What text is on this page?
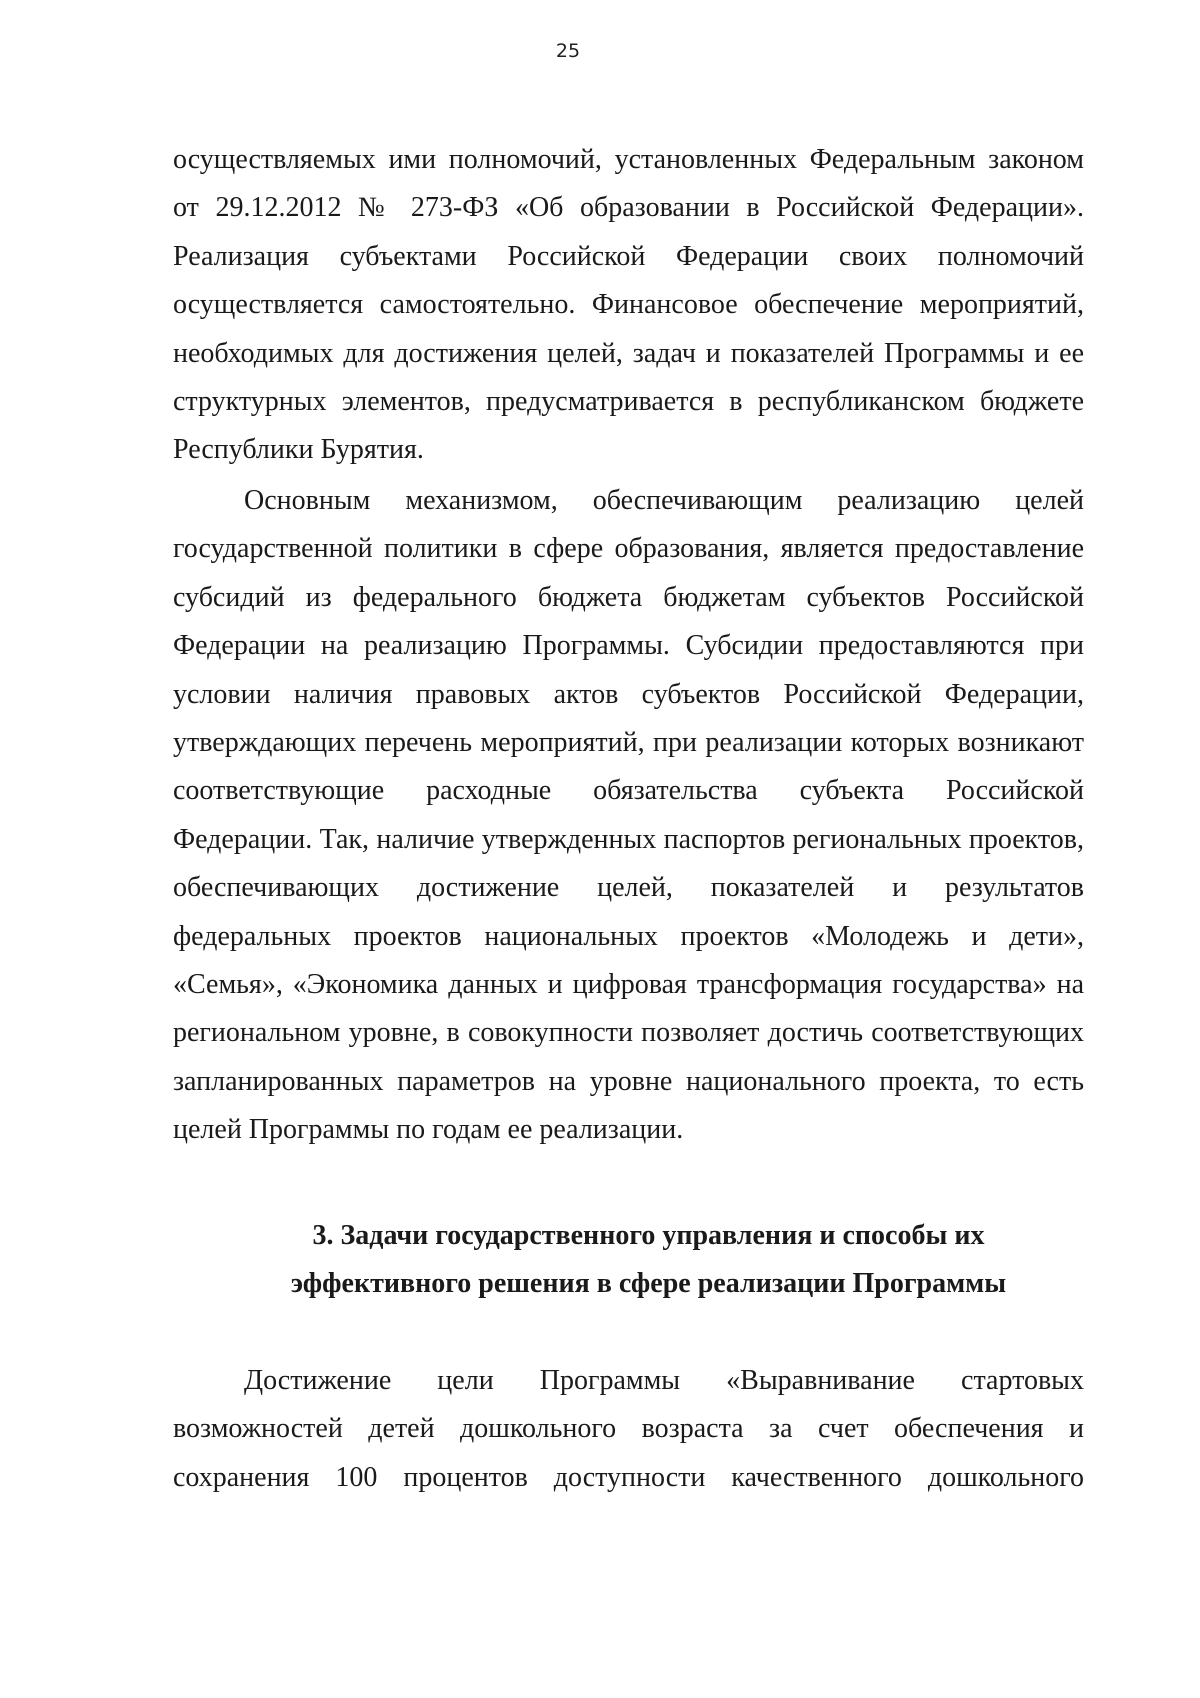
25

осуществляемых ими полномочий, установленных Федеральным законом от 29.12.2012 № 273-ФЗ «Об образовании в Российской Федерации». Реализация субъектами Российской Федерации своих полномочий осуществляется самостоятельно. Финансовое обеспечение мероприятий, необходимых для достижения целей, задач и показателей Программы и ее структурных элементов, предусматривается в республиканском бюджете Республики Бурятия.

Основным механизмом, обеспечивающим реализацию целей государственной политики в сфере образования, является предоставление субсидий из федерального бюджета бюджетам субъектов Российской Федерации на реализацию Программы. Субсидии предоставляются при условии наличия правовых актов субъектов Российской Федерации, утверждающих перечень мероприятий, при реализации которых возникают соответствующие расходные обязательства субъекта Российской Федерации. Так, наличие утвержденных паспортов региональных проектов, обеспечивающих достижение целей, показателей и результатов федеральных проектов национальных проектов «Молодежь и дети», «Семья», «Экономика данных и цифровая трансформация государства» на региональном уровне, в совокупности позволяет достичь соответствующих запланированных параметров на уровне национального проекта, то есть целей Программы по годам ее реализации.

3. Задачи государственного управления и способы их
эффективного решения в сфере реализации Программы

Достижение цели Программы «Выравнивание стартовых возможностей детей дошкольного возраста за счет обеспечения и сохранения 100 процентов доступности качественного дошкольного
